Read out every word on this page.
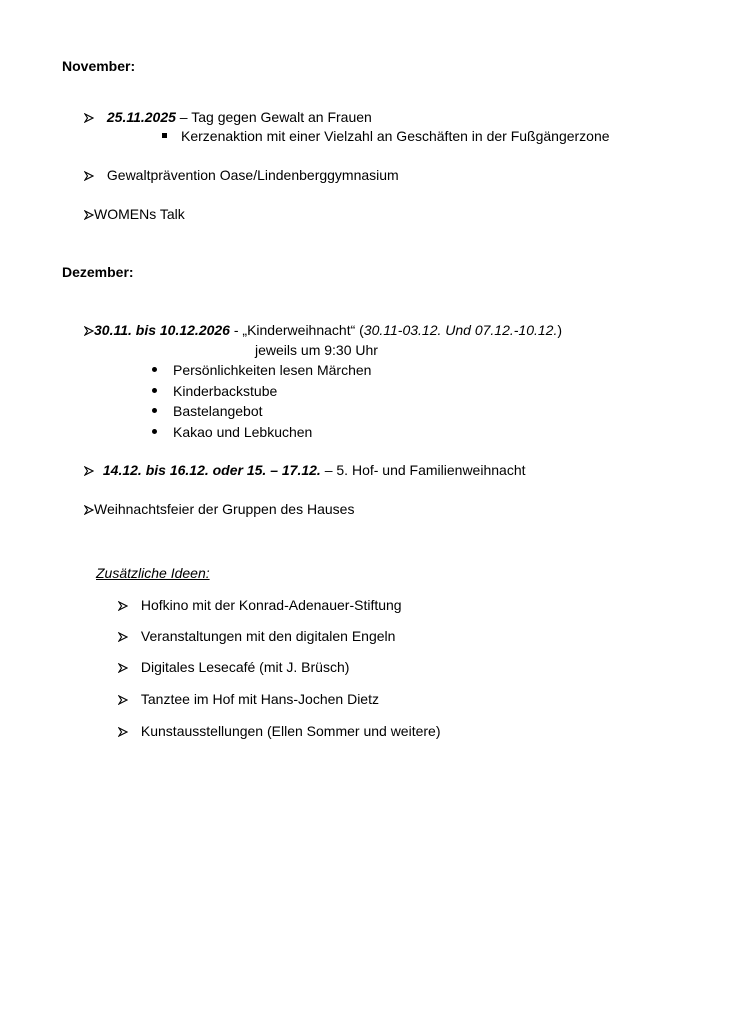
November:
25.11.2025 – Tag gegen Gewalt an Frauen
Kerzenaktion mit einer Vielzahl an Geschäften in der Fußgängerzone
Gewaltprävention Oase/Lindenberggymnasium
WOMENs Talk
Dezember:
30.11. bis 10.12.2026 - „Kinderweihnacht“ (30.11-03.12. Und 07.12.-10.12.)
jeweils um 9:30 Uhr
Persönlichkeiten lesen Märchen
Kinderbackstube
Bastelangebot
Kakao und Lebkuchen
14.12. bis 16.12. oder 15. – 17.12. – 5. Hof- und Familienweihnacht
Weihnachtsfeier der Gruppen des Hauses
Zusätzliche Ideen:
Hofkino mit der Konrad-Adenauer-Stiftung
Veranstaltungen mit den digitalen Engeln
Digitales Lesecafé (mit J. Brüsch)
Tanztee im Hof mit Hans-Jochen Dietz
Kunstausstellungen (Ellen Sommer und weitere)
